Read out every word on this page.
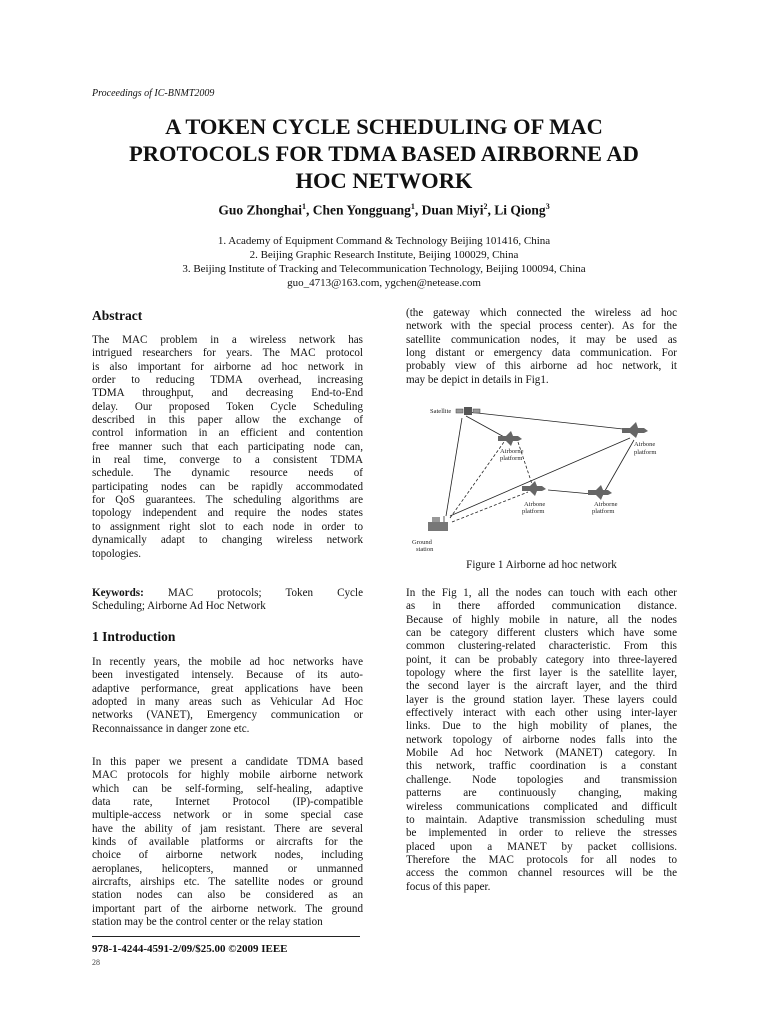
Proceedings of IC-BNMT2009
A TOKEN CYCLE SCHEDULING OF MAC
PROTOCOLS FOR TDMA BASED AIRBORNE AD
HOC NETWORK
Guo Zhonghai$^1$, Chen Yongguang$^1$, Duan Miyi$^2$, Li Qiong$^3$
1. Academy of Equipment Command & Technology Beijing 101416, China
2. Beijing Graphic Research Institute, Beijing 100029, China
3. Beijing Institute of Tracking and Telecommunication Technology, Beijing 100094, China
guo_4713@163.com, ygchen@netease.com
Abstract

The MAC problem in a wireless network has
intrigued researchers for years. The MAC protocol
is also important for airborne ad hoc network in
order to reducing TDMA overhead, increasing
TDMA throughput, and decreasing End-to-End
delay. Our proposed Token Cycle Scheduling
described in this paper allow the exchange of
control information in an efficient and contention
free manner such that each participating node can,
in real time, converge to a consistent TDMA
schedule. The dynamic resource needs of
participating nodes can be rapidly accommodated
for QoS guarantees. The scheduling algorithms are
topology independent and require the nodes states
to assignment right slot to each node in order to
dynamically adapt to changing wireless network
topologies.

Keywords: MAC protocols; Token Cycle
Scheduling; Airborne Ad Hoc Network

1 Introduction

In recently years, the mobile ad hoc networks have
been investigated intensely. Because of its auto-
adaptive performance, great applications have been
adopted in many areas such as Vehicular Ad Hoc
networks (VANET), Emergency communication or
Reconnaissance in danger zone etc.

In this paper we present a candidate TDMA based
MAC protocols for highly mobile airborne network
which can be self-forming, self-healing, adaptive
data rate, Internet Protocol (IP)-compatible
multiple-access network or in some special case
have the ability of jam resistant. There are several
kinds of available platforms or aircrafts for the
choice of airborne network nodes, including
aeroplanes, helicopters, manned or unmanned
aircrafts, airships etc. The satellite nodes or ground
station nodes can also be considered as an
important part of the airborne network. The ground
station may be the control center or the relay station

978-1-4244-4591-2/09/$25.00 ©2009 IEEE
28

(the gateway which connected the wireless ad hoc
network with the special process center). As for the
satellite communication nodes, it may be used as
long distant or emergency data communication. For
probably view of this airborne ad hoc network, it
may be depict in details in Fig1.

Satellite
Airbone
platform
Airborne
platform
Airbone
platform
Airborne
platform
Ground
station
Figure 1 Airborne ad hoc network

In the Fig 1, all the nodes can touch with each other
as in there afforded communication distance.
Because of highly mobile in nature, all the nodes
can be category different clusters which have some
common clustering-related characteristic. From this
point, it can be probably category into three-layered
topology where the first layer is the satellite layer,
the second layer is the aircraft layer, and the third
layer is the ground station layer. These layers could
effectively interact with each other using inter-layer
links. Due to the high mobility of planes, the
network topology of airborne nodes falls into the
Mobile Ad hoc Network (MANET) category. In
this network, traffic coordination is a constant
challenge. Node topologies and transmission
patterns are continuously changing, making
wireless communications complicated and difficult
to maintain. Adaptive transmission scheduling must
be implemented in order to relieve the stresses
placed upon a MANET by packet collisions.
Therefore the MAC protocols for all nodes to
access the common channel resources will be the
focus of this paper.
